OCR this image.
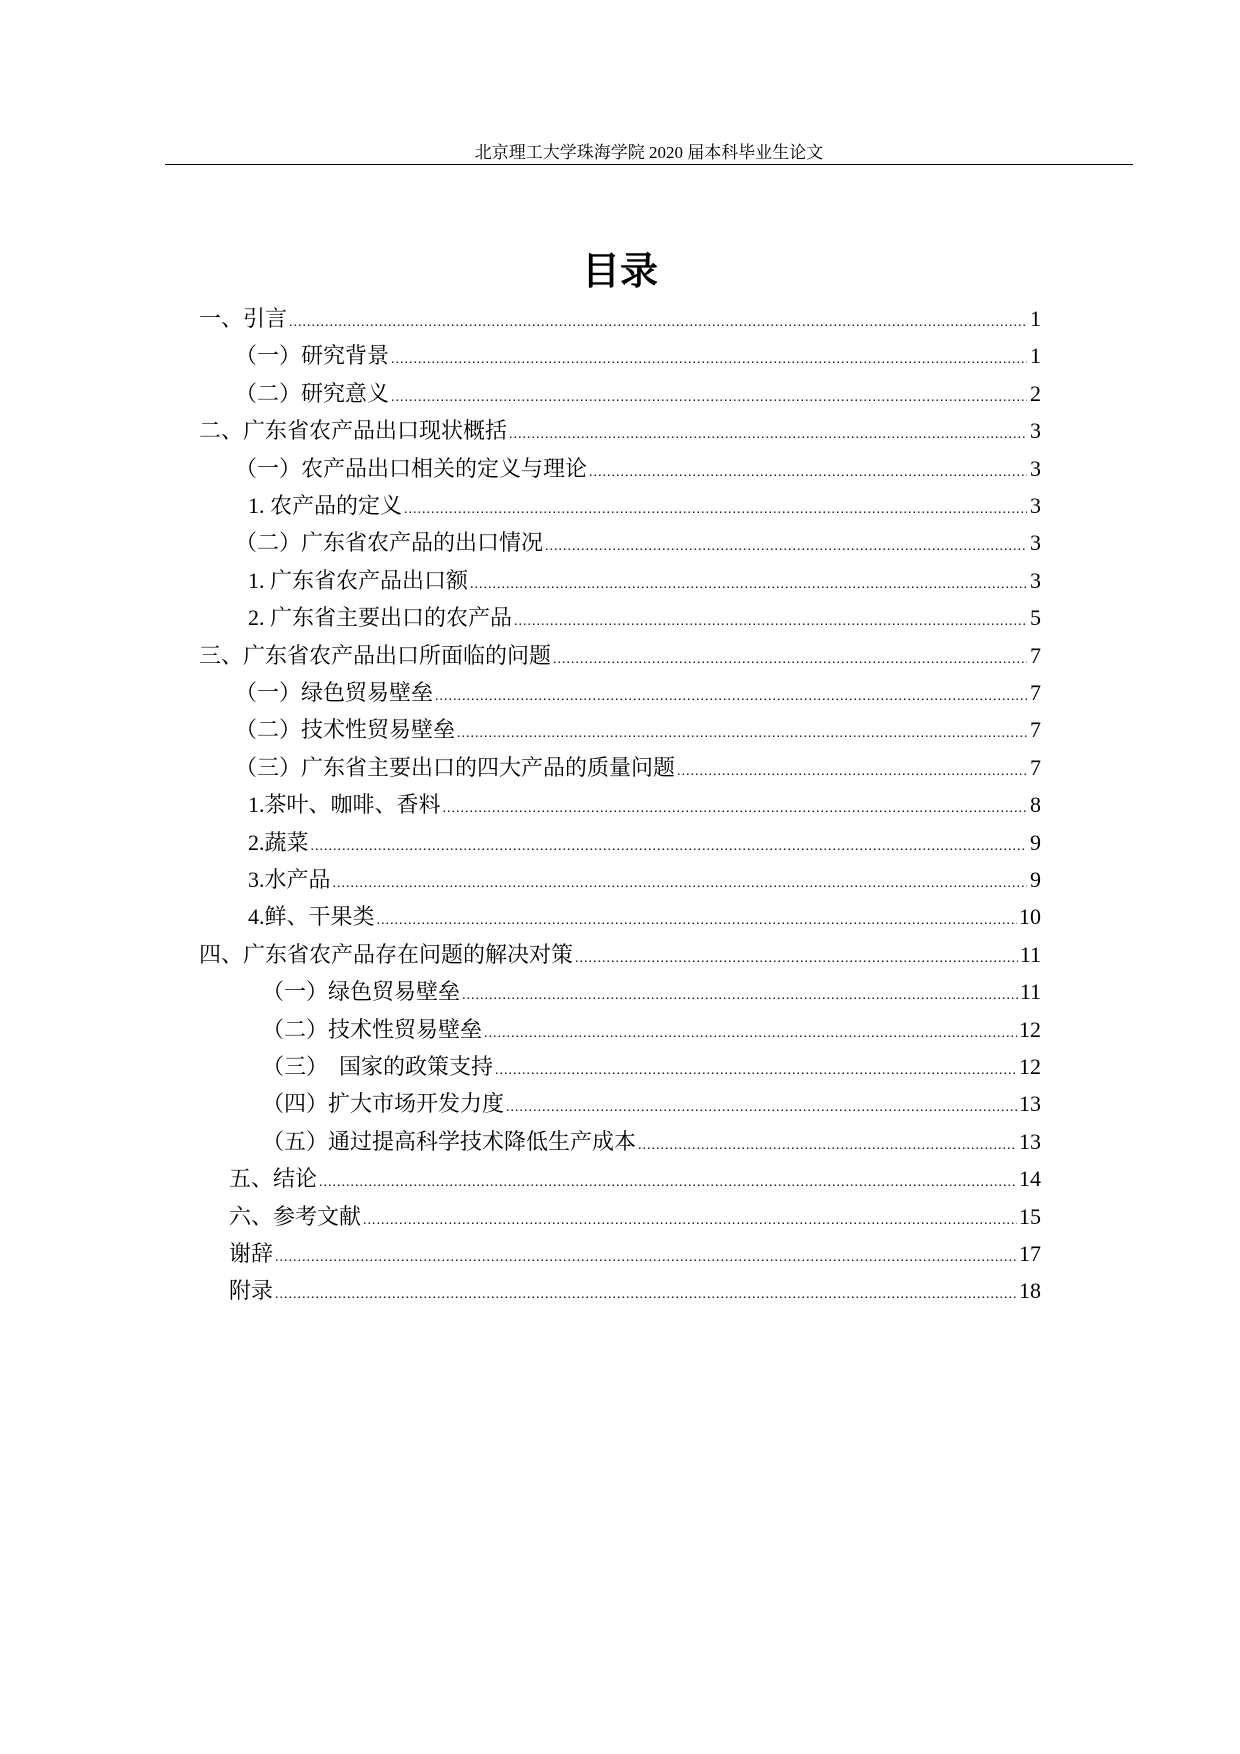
北京理工大学珠海学院 2020 届本科毕业生论文
目录
一、引言 .....	1
（一）研究背景 .....	1
（二）研究意义 .....	2
二、广东省农产品出口现状概括 .....	3
（一）农产品出口相关的定义与理论 .....	3
1. 农产品的定义 .....	3
（二）广东省农产品的出口情况 .....	3
1. 广东省农产品出口额 .....	3
2. 广东省主要出口的农产品 .....	5
三、广东省农产品出口所面临的问题 .....	7
（一）绿色贸易壁垒 .....	7
（二）技术性贸易壁垒 .....	7
（三）广东省主要出口的四大产品的质量问题 .....	7
1.茶叶、咖啡、香料 .....	8
2.蔬菜 .....	9
3.水产品 .....	9
4.鲜、干果类 .....	10
四、广东省农产品存在问题的解决对策 .....	11
（一）绿色贸易壁垒 .....	11
（二）技术性贸易壁垒 .....	12
（三）  国家的政策支持 .....	12
（四）扩大市场开发力度 .....	13
（五）通过提高科学技术降低生产成本 .....	13
五、结论 .....	14
六、参考文献 .....	15
谢辞 .....	17
附录 .....	18
